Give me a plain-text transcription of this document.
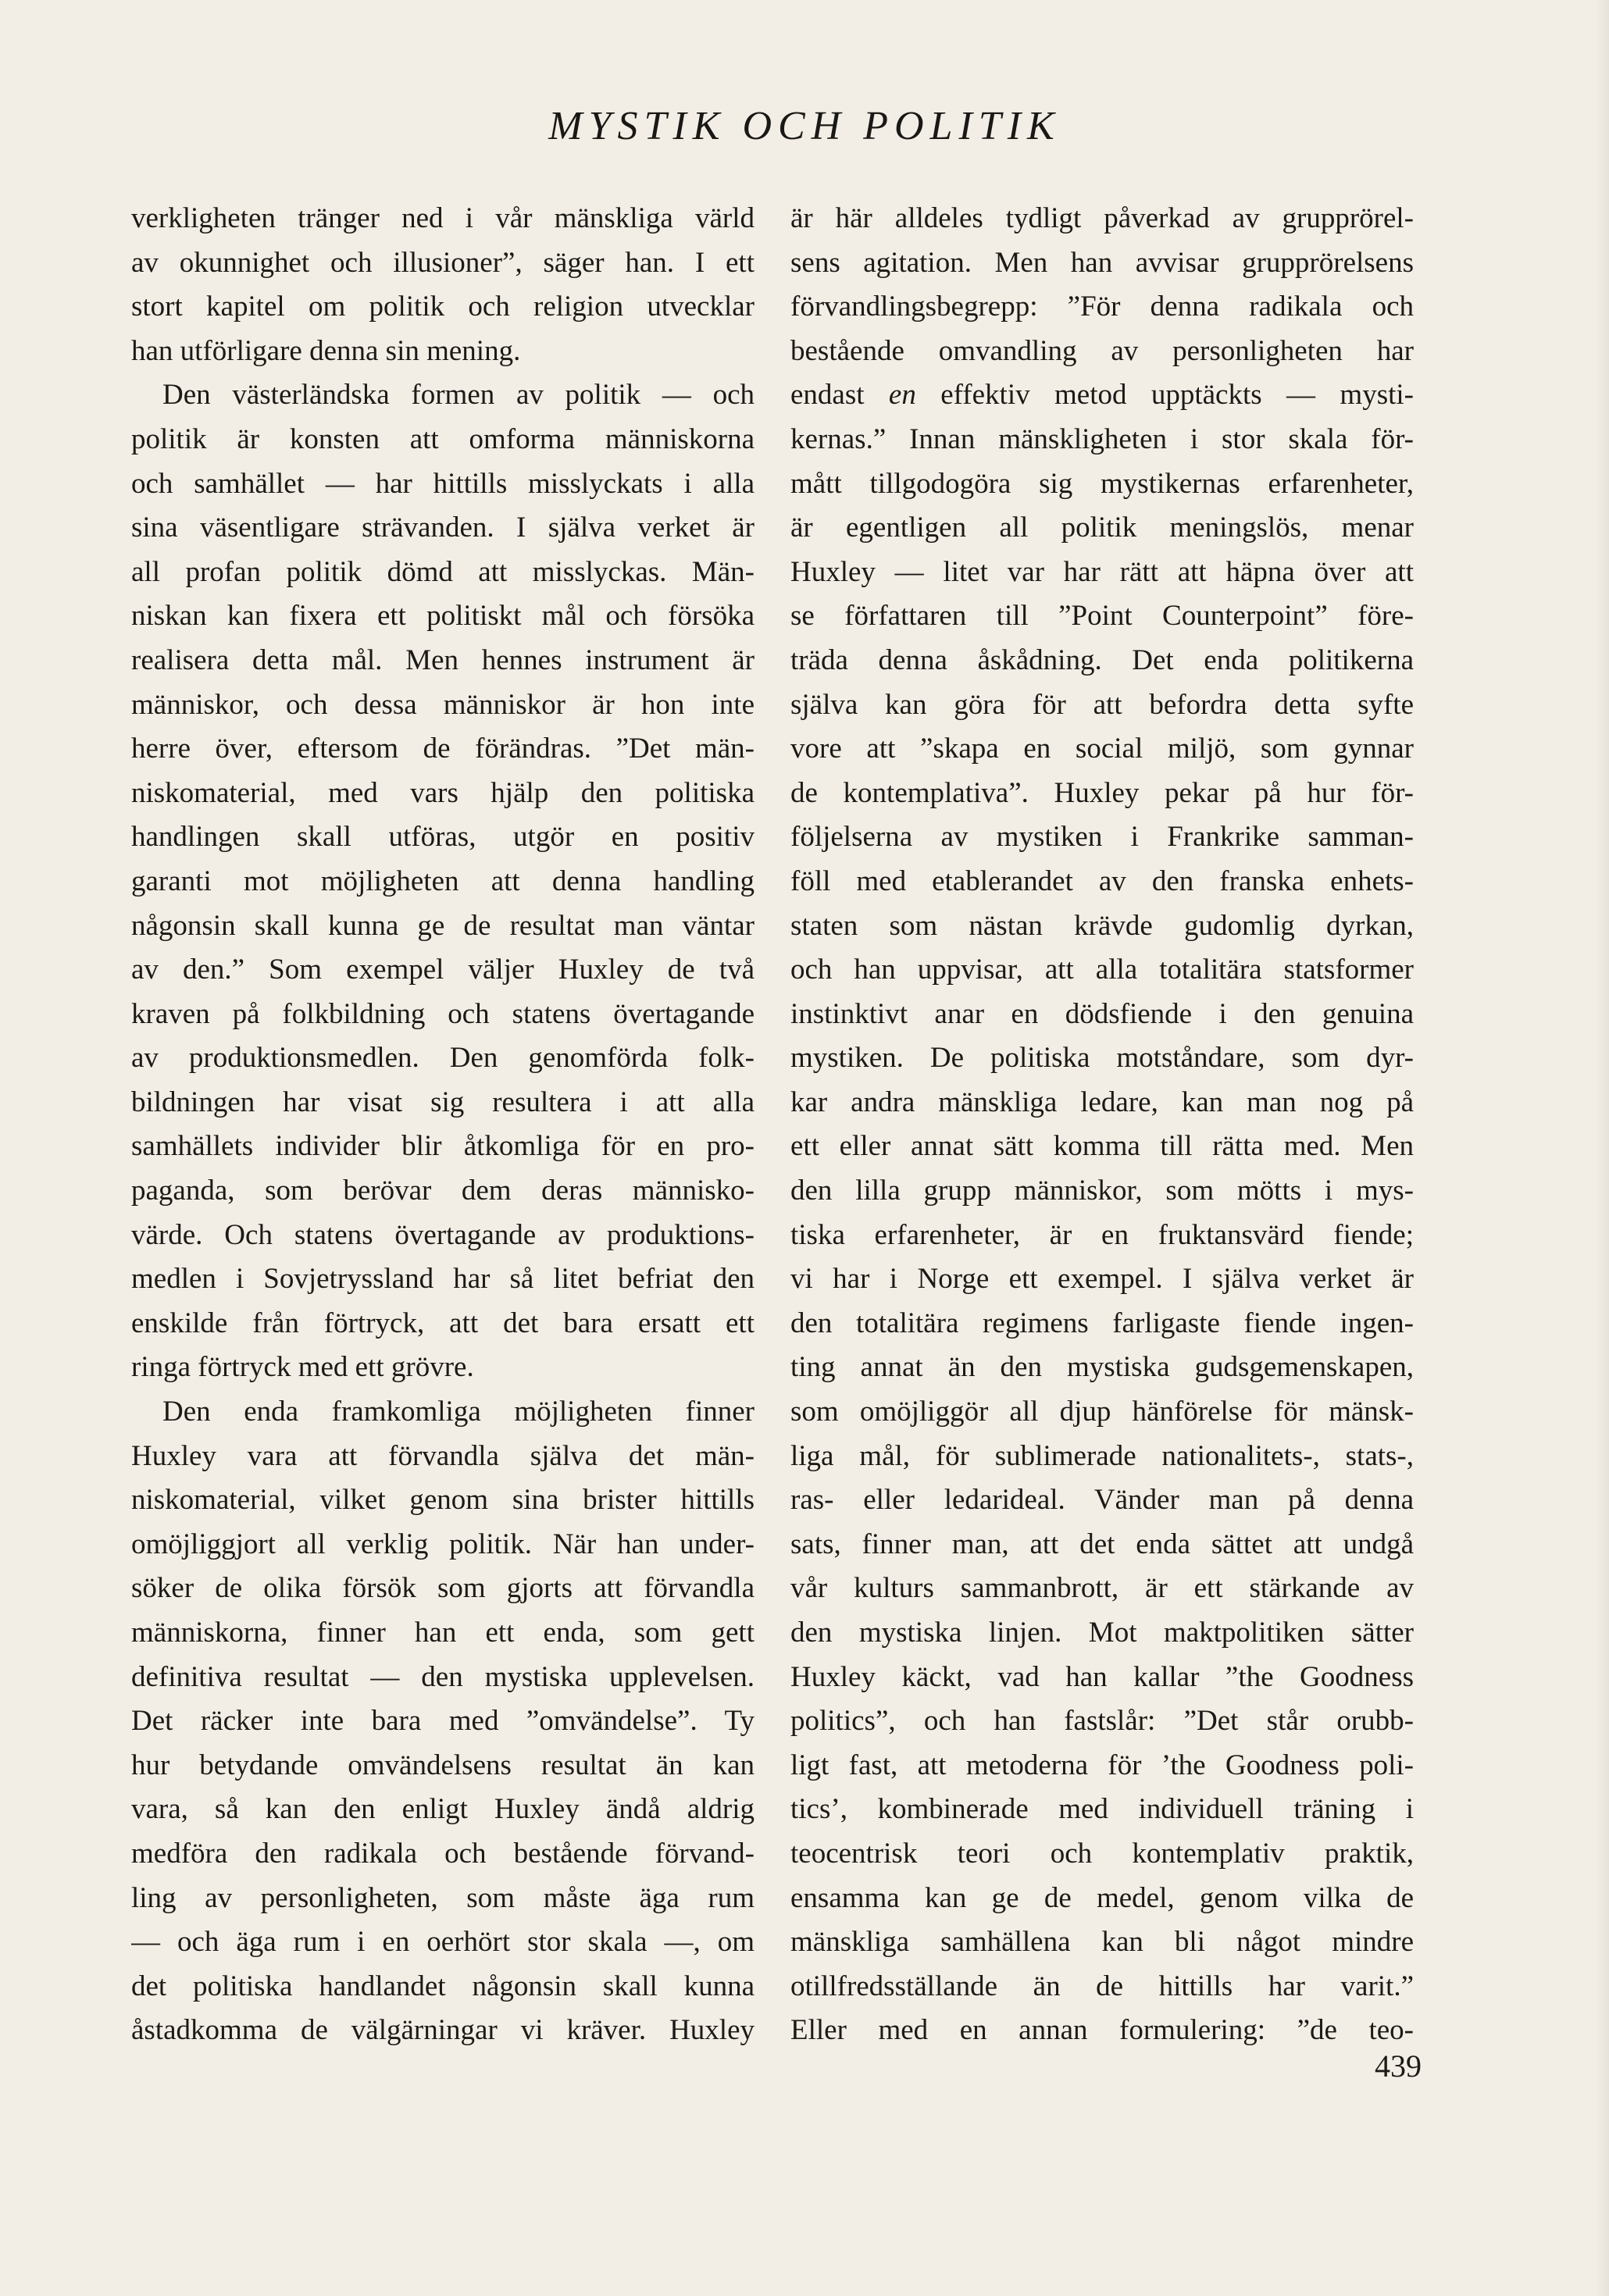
MYSTIK OCH POLITIK
verkligheten tränger ned i vår mänskliga värld
av okunnighet och illusioner”, säger han. I ett
stort kapitel om politik och religion utvecklar
han utförligare denna sin mening.
Den västerländska formen av politik — och
politik är konsten att omforma människorna
och samhället — har hittills misslyckats i alla
sina väsentligare strävanden. I själva verket är
all profan politik dömd att misslyckas. Män-
niskan kan fixera ett politiskt mål och försöka
realisera detta mål. Men hennes instrument är
människor, och dessa människor är hon inte
herre över, eftersom de förändras. ”Det män-
niskomaterial, med vars hjälp den politiska
handlingen skall utföras, utgör en positiv
garanti mot möjligheten att denna handling
någonsin skall kunna ge de resultat man väntar
av den.” Som exempel väljer Huxley de två
kraven på folkbildning och statens övertagande
av produktionsmedlen. Den genomförda folk-
bildningen har visat sig resultera i att alla
samhällets individer blir åtkomliga för en pro-
paganda, som berövar dem deras människo-
värde. Och statens övertagande av produktions-
medlen i Sovjetryssland har så litet befriat den
enskilde från förtryck, att det bara ersatt ett
ringa förtryck med ett grövre.
Den enda framkomliga möjligheten finner
Huxley vara att förvandla själva det män-
niskomaterial, vilket genom sina brister hittills
omöjliggjort all verklig politik. När han under-
söker de olika försök som gjorts att förvandla
människorna, finner han ett enda, som gett
definitiva resultat — den mystiska upplevelsen.
Det räcker inte bara med ”omvändelse”. Ty
hur betydande omvändelsens resultat än kan
vara, så kan den enligt Huxley ändå aldrig
medföra den radikala och bestående förvand-
ling av personligheten, som måste äga rum
— och äga rum i en oerhört stor skala —, om
det politiska handlandet någonsin skall kunna
åstadkomma de välgärningar vi kräver. Huxley
är här alldeles tydligt påverkad av grupprörel-
sens agitation. Men han avvisar grupprörelsens
förvandlingsbegrepp: ”För denna radikala och
bestående omvandling av personligheten har
endast en effektiv metod upptäckts — mysti-
kernas.” Innan mänskligheten i stor skala för-
mått tillgodogöra sig mystikernas erfarenheter,
är egentligen all politik meningslös, menar
Huxley — litet var har rätt att häpna över att
se författaren till ”Point Counterpoint” före-
träda denna åskådning. Det enda politikerna
själva kan göra för att befordra detta syfte
vore att ”skapa en social miljö, som gynnar
de kontemplativa”. Huxley pekar på hur för-
följelserna av mystiken i Frankrike samman-
föll med etablerandet av den franska enhets-
staten som nästan krävde gudomlig dyrkan,
och han uppvisar, att alla totalitära statsformer
instinktivt anar en dödsfiende i den genuina
mystiken. De politiska motståndare, som dyr-
kar andra mänskliga ledare, kan man nog på
ett eller annat sätt komma till rätta med. Men
den lilla grupp människor, som mötts i mys-
tiska erfarenheter, är en fruktansvärd fiende;
vi har i Norge ett exempel. I själva verket är
den totalitära regimens farligaste fiende ingen-
ting annat än den mystiska gudsgemenskapen,
som omöjliggör all djup hänförelse för mänsk-
liga mål, för sublimerade nationalitets-, stats-,
ras- eller ledarideal. Vänder man på denna
sats, finner man, att det enda sättet att undgå
vår kulturs sammanbrott, är ett stärkande av
den mystiska linjen. Mot maktpolitiken sätter
Huxley käckt, vad han kallar ”the Goodness
politics”, och han fastslår: ”Det står orubb-
ligt fast, att metoderna för ’the Goodness poli-
tics’, kombinerade med individuell träning i
teocentrisk teori och kontemplativ praktik,
ensamma kan ge de medel, genom vilka de
mänskliga samhällena kan bli något mindre
otillfredsställande än de hittills har varit.”
Eller med en annan formulering: ”de teo-
439
